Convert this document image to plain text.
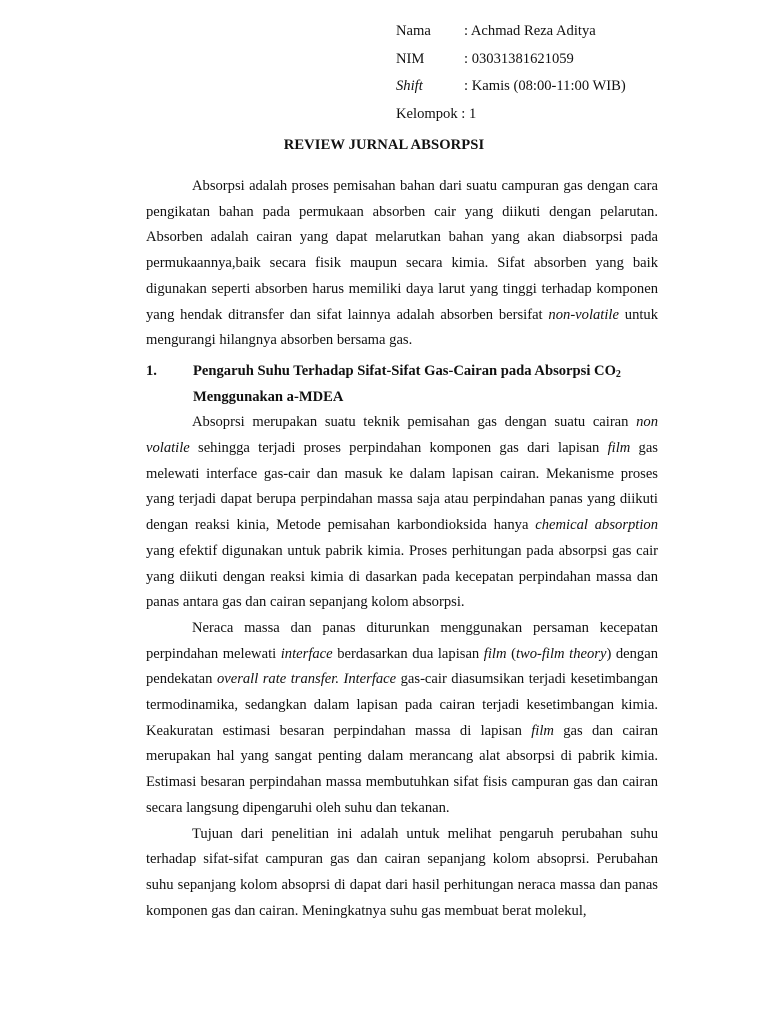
Nama : Achmad Reza Aditya
NIM	: 03031381621059
Shift	: Kamis (08:00-11:00 WIB)
Kelompok : 1
REVIEW JURNAL ABSORPSI

Absorpsi adalah proses pemisahan bahan dari suatu campuran gas dengan cara pengikatan bahan pada permukaan absorben cair yang diikuti dengan pelarutan. Absorben adalah cairan yang dapat melarutkan bahan yang akan diabsorpsi pada permukaannya,baik secara fisik maupun secara kimia. Sifat absorben yang baik digunakan seperti absorben harus memiliki daya larut yang tinggi terhadap komponen yang hendak ditransfer dan sifat lainnya adalah absorben bersifat non-volatile untuk mengurangi hilangnya absorben bersama gas.

1. Pengaruh Suhu Terhadap Sifat-Sifat Gas-Cairan pada Absorpsi $CO_2$
Menggunakan a-MDEA

Absoprsi merupakan suatu teknik pemisahan gas dengan suatu cairan non volatile sehingga terjadi proses perpindahan komponen gas dari lapisan film gas melewati interface gas-cair dan masuk ke dalam lapisan cairan. Mekanisme proses yang terjadi dapat berupa perpindahan massa saja atau perpindahan panas yang diikuti dengan reaksi kinia, Metode pemisahan karbondioksida hanya chemical absorption yang efektif digunakan untuk pabrik kimia. Proses perhitungan pada absorpsi gas cair yang diikuti dengan reaksi kimia di dasarkan pada kecepatan perpindahan massa dan panas antara gas dan cairan sepanjang kolom absorpsi.

Neraca massa dan panas diturunkan menggunakan persaman kecepatan perpindahan melewati interface berdasarkan dua lapisan film (two-film theory) dengan pendekatan overall rate transfer. Interface gas-cair diasumsikan terjadi kesetimbangan termodinamika, sedangkan dalam lapisan pada cairan terjadi kesetimbangan kimia. Keakuratan estimasi besaran perpindahan massa di lapisan film gas dan cairan merupakan hal yang sangat penting dalam merancang alat absorpsi di pabrik kimia. Estimasi besaran perpindahan massa membutuhkan sifat fisis campuran gas dan cairan secara langsung dipengaruhi oleh suhu dan tekanan.

Tujuan dari penelitian ini adalah untuk melihat pengaruh perubahan suhu terhadap sifat-sifat campuran gas dan cairan sepanjang kolom absoprsi. Perubahan suhu sepanjang kolom absoprsi di dapat dari hasil perhitungan neraca massa dan panas komponen gas dan cairan. Meningkatnya suhu gas membuat berat molekul,
